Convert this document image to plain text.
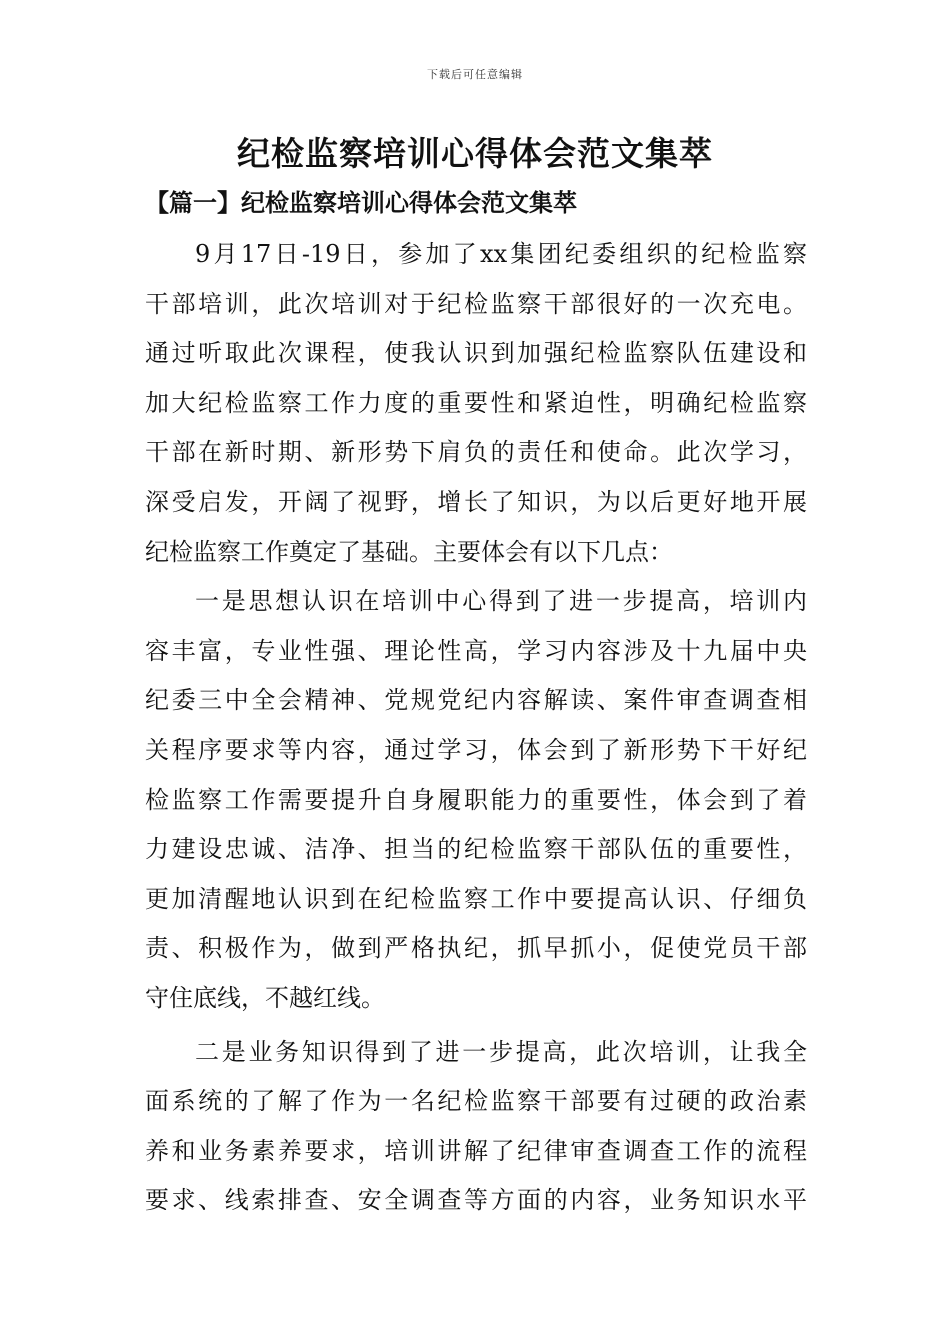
下载后可任意编辑
纪检监察培训心得体会范文集萃
【篇一】纪检监察培训心得体会范文集萃

9月17日-19日，参加了xx集团纪委组织的纪检监察
干部培训，此次培训对于纪检监察干部很好的一次充电。
通过听取此次课程，使我认识到加强纪检监察队伍建设和
加大纪检监察工作力度的重要性和紧迫性，明确纪检监察
干部在新时期、新形势下肩负的责任和使命。此次学习，
深受启发，开阔了视野，增长了知识，为以后更好地开展
纪检监察工作奠定了基础。主要体会有以下几点：

一是思想认识在培训中心得到了进一步提高，培训内
容丰富，专业性强、理论性高，学习内容涉及十九届中央
纪委三中全会精神、党规党纪内容解读、案件审查调查相
关程序要求等内容，通过学习，体会到了新形势下干好纪
检监察工作需要提升自身履职能力的重要性，体会到了着
力建设忠诚、洁净、担当的纪检监察干部队伍的重要性，
更加清醒地认识到在纪检监察工作中要提高认识、仔细负
责、积极作为，做到严格执纪，抓早抓小，促使党员干部
守住底线，不越红线。

二是业务知识得到了进一步提高，此次培训，让我全
面系统的了解了作为一名纪检监察干部要有过硬的政治素
养和业务素养要求，培训讲解了纪律审查调查工作的流程
要求、线索排查、安全调查等方面的内容，业务知识水平
